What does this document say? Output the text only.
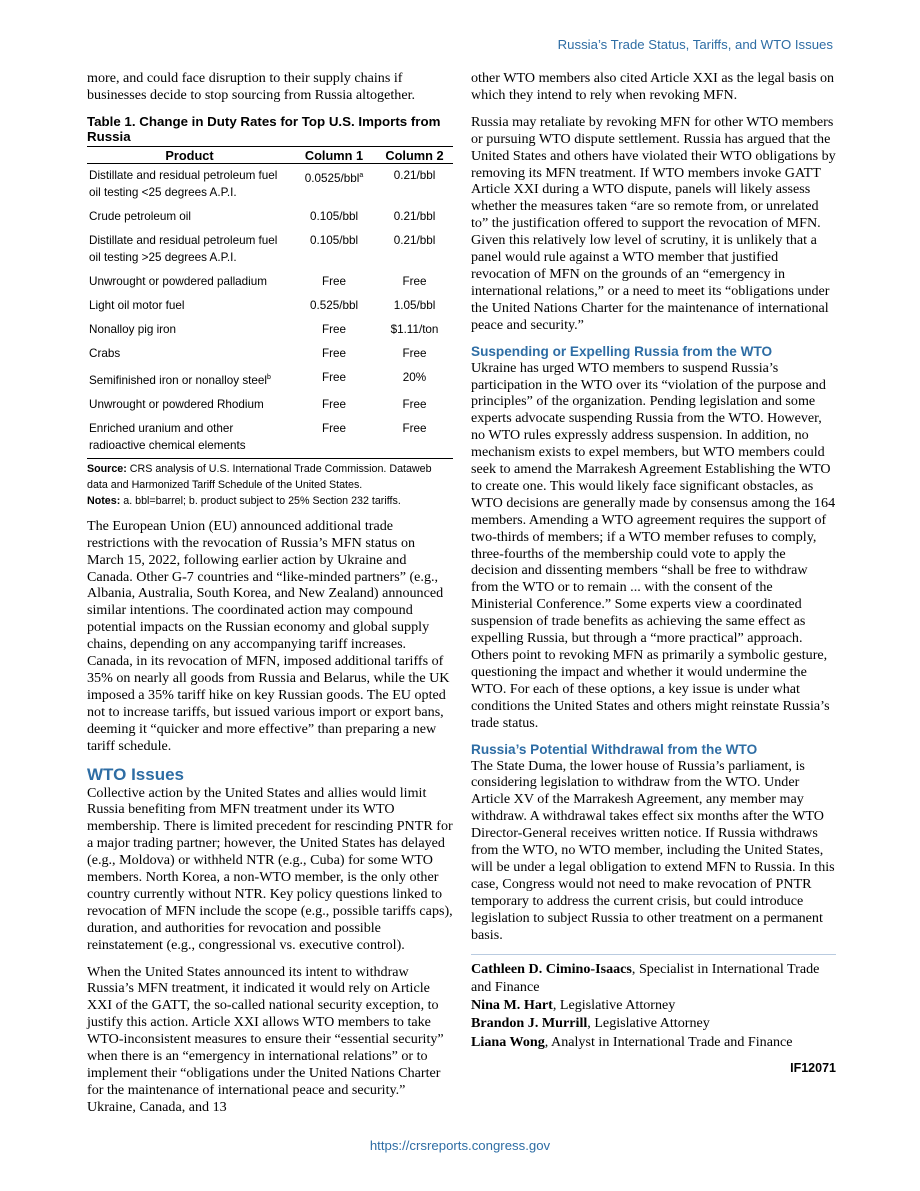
Russia’s Trade Status, Tariffs, and WTO Issues

more, and could face disruption to their supply chains if businesses decide to stop sourcing from Russia altogether.

Table 1. Change in Duty Rates for Top U.S. Imports from Russia

Product	Column 1	Column 2
Distillate and residual petroleum fuel oil testing <25 degrees A.P.I.	0.0525/bbl$^a$	0.21/bbl
Crude petroleum oil	0.105/bbl	0.21/bbl
Distillate and residual petroleum fuel oil testing >25 degrees A.P.I.	0.105/bbl	0.21/bbl
Unwrought or powdered palladium	Free	Free
Light oil motor fuel	0.525/bbl	1.05/bbl
Nonalloy pig iron	Free	$1.11/ton
Crabs	Free	Free
Semifinished iron or nonalloy steel$^b$	Free	20%
Unwrought or powdered Rhodium	Free	Free
Enriched uranium and other radioactive chemical elements	Free	Free
Source: CRS analysis of U.S. International Trade Commission. Dataweb data and Harmonized Tariff Schedule of the United States.
Notes: a. bbl=barrel; b. product subject to 25% Section 232 tariffs.

The European Union (EU) announced additional trade restrictions with the revocation of Russia’s MFN status on March 15, 2022, following earlier action by Ukraine and Canada. Other G-7 countries and “like-minded partners” (e.g., Albania, Australia, South Korea, and New Zealand) announced similar intentions. The coordinated action may compound potential impacts on the Russian economy and global supply chains, depending on any accompanying tariff increases. Canada, in its revocation of MFN, imposed additional tariffs of 35% on nearly all goods from Russia and Belarus, while the UK imposed a 35% tariff hike on key Russian goods. The EU opted not to increase tariffs, but issued various import or export bans, deeming it “quicker and more effective” than preparing a new tariff schedule.

WTO Issues

Collective action by the United States and allies would limit Russia benefiting from MFN treatment under its WTO membership. There is limited precedent for rescinding PNTR for a major trading partner; however, the United States has delayed (e.g., Moldova) or withheld NTR (e.g., Cuba) for some WTO members. North Korea, a non-WTO member, is the only other country currently without NTR. Key policy questions linked to revocation of MFN include the scope (e.g., possible tariffs caps), duration, and authorities for revocation and possible reinstatement (e.g., congressional vs. executive control).

When the United States announced its intent to withdraw Russia’s MFN treatment, it indicated it would rely on Article XXI of the GATT, the so-called national security exception, to justify this action. Article XXI allows WTO members to take WTO-inconsistent measures to ensure their “essential security” when there is an “emergency in international relations” or to implement their “obligations under the United Nations Charter for the maintenance of international peace and security.” Ukraine, Canada, and 13

other WTO members also cited Article XXI as the legal basis on which they intend to rely when revoking MFN.

Russia may retaliate by revoking MFN for other WTO members or pursuing WTO dispute settlement. Russia has argued that the United States and others have violated their WTO obligations by removing its MFN treatment. If WTO members invoke GATT Article XXI during a WTO dispute, panels will likely assess whether the measures taken “are so remote from, or unrelated to” the justification offered to support the revocation of MFN. Given this relatively low level of scrutiny, it is unlikely that a panel would rule against a WTO member that justified revocation of MFN on the grounds of an “emergency in international relations,” or a need to meet its “obligations under the United Nations Charter for the maintenance of international peace and security.”

Suspending or Expelling Russia from the WTO

Ukraine has urged WTO members to suspend Russia’s participation in the WTO over its “violation of the purpose and principles” of the organization. Pending legislation and some experts advocate suspending Russia from the WTO. However, no WTO rules expressly address suspension. In addition, no mechanism exists to expel members, but WTO members could seek to amend the Marrakesh Agreement Establishing the WTO to create one. This would likely face significant obstacles, as WTO decisions are generally made by consensus among the 164 members. Amending a WTO agreement requires the support of two-thirds of members; if a WTO member refuses to comply, three-fourths of the membership could vote to apply the decision and dissenting members “shall be free to withdraw from the WTO or to remain ... with the consent of the Ministerial Conference.” Some experts view a coordinated suspension of trade benefits as achieving the same effect as expelling Russia, but through a “more practical” approach. Others point to revoking MFN as primarily a symbolic gesture, questioning the impact and whether it would undermine the WTO. For each of these options, a key issue is under what conditions the United States and others might reinstate Russia’s trade status.

Russia’s Potential Withdrawal from the WTO

The State Duma, the lower house of Russia’s parliament, is considering legislation to withdraw from the WTO. Under Article XV of the Marrakesh Agreement, any member may withdraw. A withdrawal takes effect six months after the WTO Director-General receives written notice. If Russia withdraws from the WTO, no WTO member, including the United States, will be under a legal obligation to extend MFN to Russia. In this case, Congress would not need to make revocation of PNTR temporary to address the current crisis, but could introduce legislation to subject Russia to other treatment on a permanent basis.

Cathleen D. Cimino-Isaacs, Specialist in International Trade and Finance
Nina M. Hart, Legislative Attorney
Brandon J. Murrill, Legislative Attorney
Liana Wong, Analyst in International Trade and Finance
IF12071
https://crsreports.congress.gov
